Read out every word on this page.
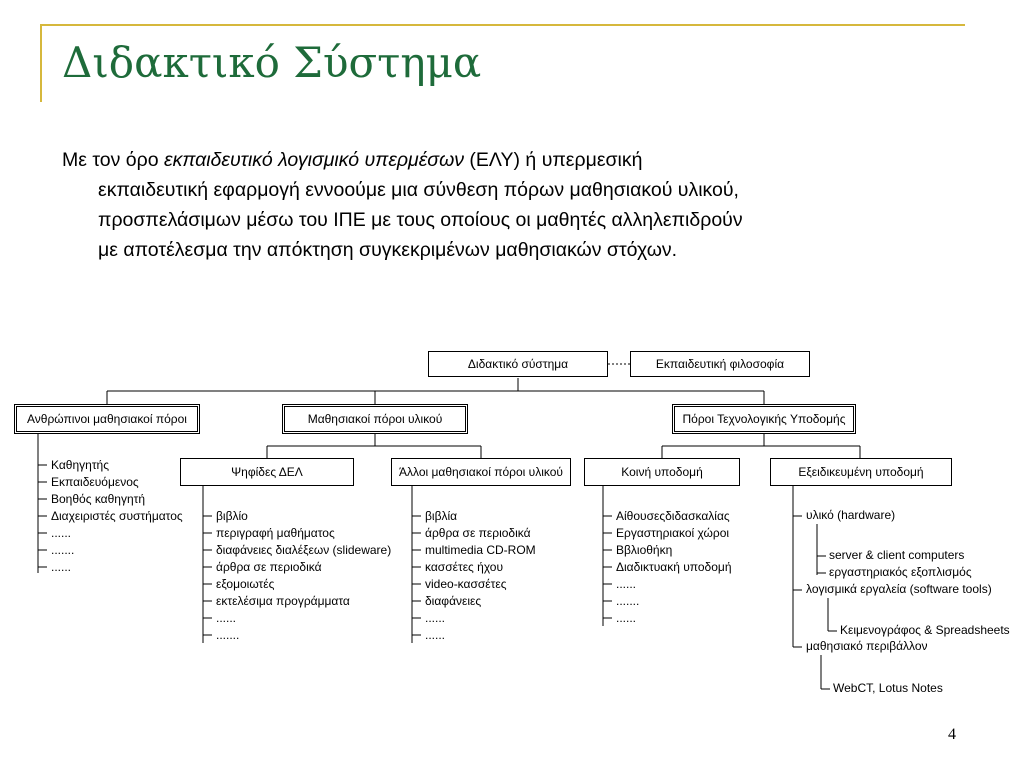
Διδακτικό Σύστημα
Με τον όρο εκπαιδευτικό λογισμικό υπερμέσων (ΕΛΥ) ή υπερμεσική
εκπαιδευτική εφαρμογή εννοούμε μια σύνθεση πόρων μαθησιακού υλικού,
προσπελάσιμων μέσω του ΙΠΕ με τους οποίους οι μαθητές αλληλεπιδρούν
με αποτέλεσμα την απόκτηση συγκεκριμένων μαθησιακών στόχων.
Διδακτικό σύστημα	Εκπαιδευτική φιλοσοφία
Ανθρώπινοι μαθησιακοί πόροι	Μαθησιακοί πόροι υλικού	Πόροι Τεχνολογικής Υποδομής
Ψηφίδες ΔΕΛ	Άλλοι μαθησιακοί πόροι υλικού	Κοινή υποδομή	Εξειδικευμένη υποδομή
Καθηγητής
Εκπαιδευόμενος
Βοηθός καθηγητή
Διαχειριστές συστήματος
......
.......
......
βιβλίο
περιγραφή μαθήματος
διαφάνειες διαλέξεων (slideware)
άρθρα σε περιοδικά
εξομοιωτές
εκτελέσιμα προγράμματα
......
.......
βιβλία
άρθρα σε περιοδικά
multimedia CD-ROM
κασσέτες ήχου
video-κασσέτες
διαφάνειες
......
......
Αίθουσεςδιδασκαλίας
Εργαστηριακοί χώροι
Ββλιοθήκη
Διαδικτυακή υποδομή
......
.......
......
υλικό (hardware)
server & client computers
εργαστηριακός εξοπλισμός
λογισμικά εργαλεία (software tools)
Κειμενογράφος & Spreadsheets
μαθησιακό περιβάλλον
WebCT, Lotus Notes
4
